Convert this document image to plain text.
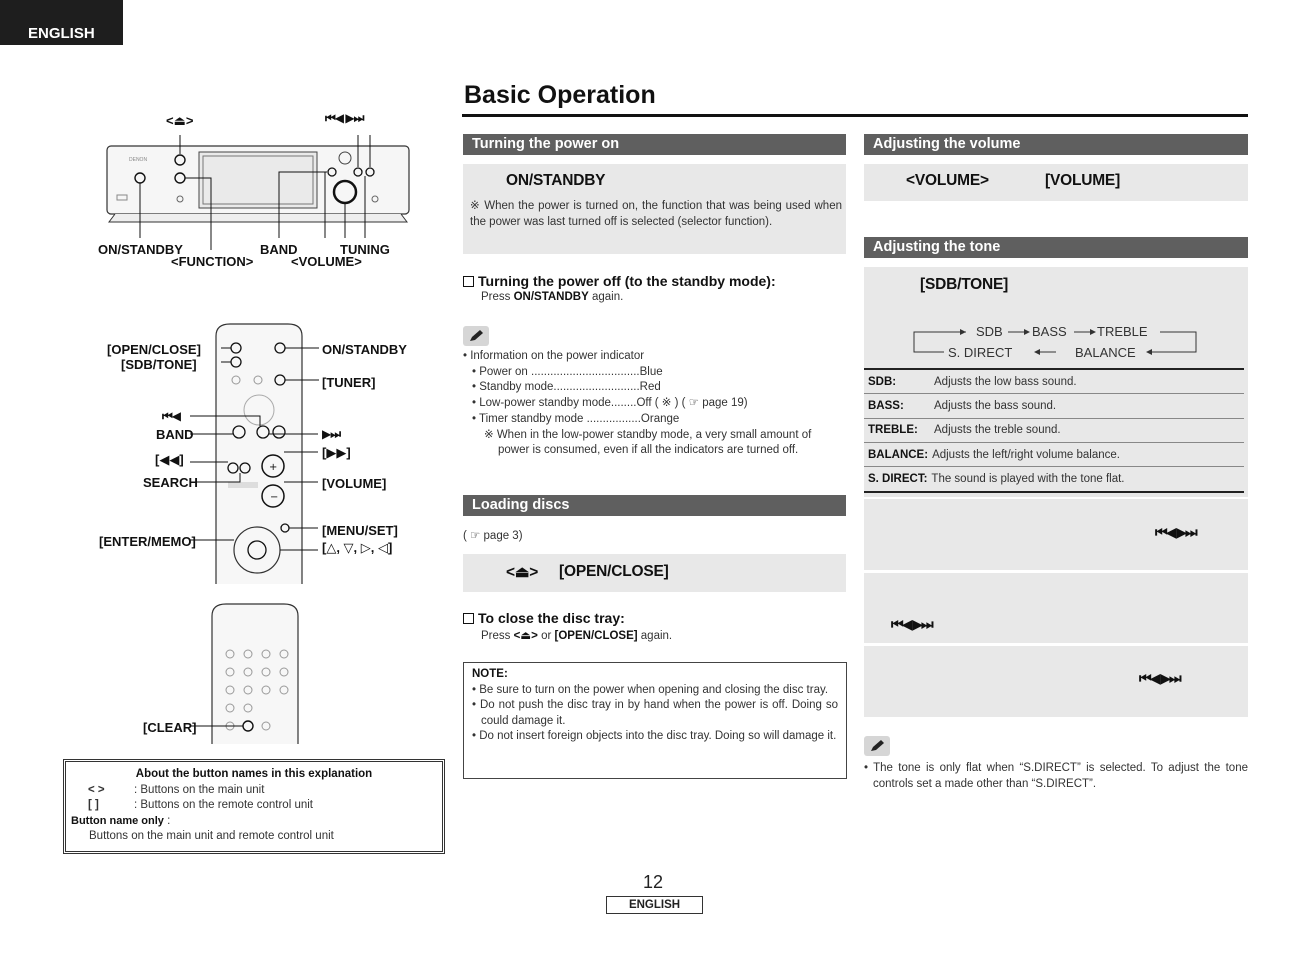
ENGLISH
DENON
<⏏>	⏮◀ ▶⏭
ON/STANDBY
<FUNCTION>
BAND	TUNING
<VOLUME>
+
−
[OPEN/CLOSE]
[SDB/TONE]
⏮◀
BAND
[◀◀]
SEARCH
[ENTER/MEMO]
ON/STANDBY
[TUNER]
▶⏭
[▶▶]
[VOLUME]
[MENU/SET]
[△, ▽, ▷, ◁]
[CLEAR]
About the button names in this explanation
< >	: Buttons on the main unit
[ ]	: Buttons on the remote control unit
Button name only :
Buttons on the main unit and remote control unit
Basic Operation
Turning the power on
ON/STANDBY
※ When the power is turned on, the function that was being used when the power was last turned off is selected (selector function).
Turning the power off (to the standby mode):
Press ON/STANDBY again.
• Information on the power indicator
• Power on ..................................Blue
• Standby mode...........................Red
• Low-power standby mode........Off ( ※ ) ( ☞ page 19)
• Timer standby mode .................Orange
※ When in the low-power standby mode, a very small amount of
power is consumed, even if all the indicators are turned off.
Loading discs
( ☞ page 3)
<⏏> [OPEN/CLOSE]
To close the disc tray:
Press <⏏> or [OPEN/CLOSE] again.
NOTE:
• Be sure to turn on the power when opening and closing the disc tray.
• Do not push the disc tray in by hand when the power is off. Doing so could damage it.
• Do not insert foreign objects into the disc tray. Doing so will damage it.
Adjusting the volume
<VOLUME>	[VOLUME]
Adjusting the tone
[SDB/TONE]
SDB BASS TREBLE
S. DIRECT	BALANCE
SDB:	Adjusts the low bass sound.
BASS:	Adjusts the bass sound.
TREBLE:	Adjusts the treble sound.
BALANCE: Adjusts the left/right volume balance.
S. DIRECT: The sound is played with the tone flat.
⏮◀ ▶⏭
⏮◀ ▶⏭
⏮◀ ▶⏭
• The tone is only flat when “S.DIRECT” is selected. To adjust the tone controls set a made other than “S.DIRECT”.
12
ENGLISH
